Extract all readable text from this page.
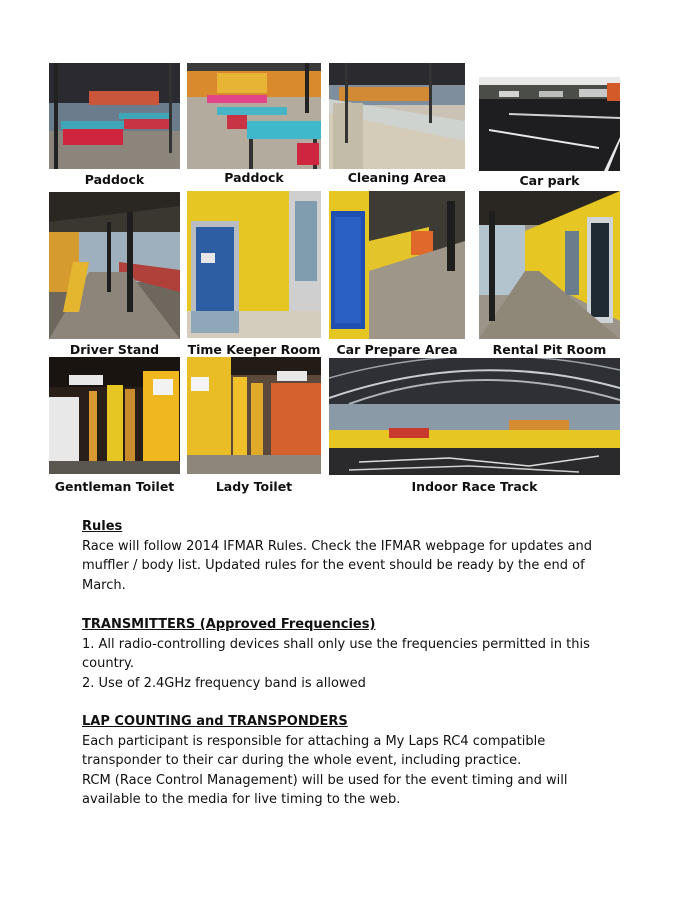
Paddock	Paddock	Cleaning Area	Car park
Driver Stand	Time Keeper Room	Car Prepare Area	Rental Pit Room
Gentleman Toilet	Lady Toilet	Indoor Race Track

Rules

Race will follow 2014 IFMAR Rules. Check the IFMAR webpage for updates and

muffler / body list. Updated rules for the event should be ready by the end of

March.

TRANSMITTERS (Approved Frequencies)

1. All radio-controlling devices shall only use the frequencies permitted in this

country.

2. Use of 2.4GHz frequency band is allowed

LAP COUNTING and TRANSPONDERS

Each participant is responsible for attaching a My Laps RC4 compatible

transponder to their car during the whole event, including practice.

RCM (Race Control Management) will be used for the event timing and will

available to the media for live timing to the web.
